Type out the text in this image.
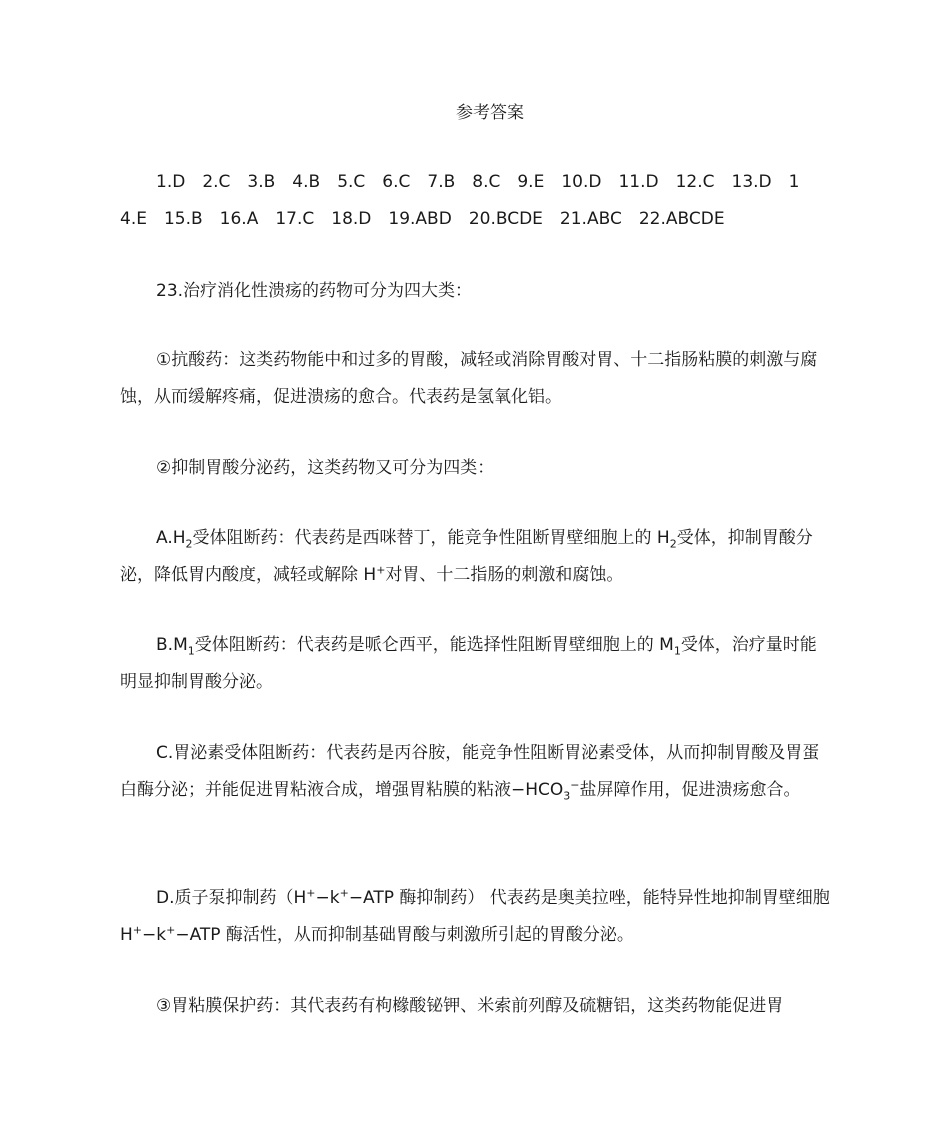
参考答案
1.D 2.C 3.B 4.B 5.C 6.C 7.B 8.C 9.E 10.D 11.D 12.C 13.D 1
4.E 15.B 16.A 17.C 18.D 19.ABD 20.BCDE 21.ABC 22.ABCDE
23.治疗消化性溃疡的药物可分为四大类：
①抗酸药：这类药物能中和过多的胃酸，减轻或消除胃酸对胃、十二指肠粘膜的刺激与腐蚀，从而缓解疼痛，促进溃疡的愈合。代表药是氢氧化铝。
②抑制胃酸分泌药，这类药物又可分为四类：
$A.H_2$受体阻断药：代表药是西咪替丁，能竞争性阻断胃壁细胞上的 $H_2$受体，抑制胃酸分泌，降低胃内酸度，减轻或解除 H+对胃、十二指肠的刺激和腐蚀。
$B.M_1$受体阻断药：代表药是哌仑西平，能选择性阻断胃壁细胞上的 $M_1$受体，治疗量时能明显抑制胃酸分泌。
C.胃泌素受体阻断药：代表药是丙谷胺，能竞争性阻断胃泌素受体，从而抑制胃酸及胃蛋白酶分泌；并能促进胃粘液合成，增强胃粘膜的粘液$-HCO_3^-$盐屏障作用，促进溃疡愈合。
D.质子泵抑制药（H+−k+−ATP 酶抑制药） 代表药是奥美拉唑，能特异性地抑制胃壁细胞 H+−k+−ATP 酶活性，从而抑制基础胃酸与刺激所引起的胃酸分泌。
③胃粘膜保护药：其代表药有枸橼酸铋钾、米索前列醇及硫糖铝，这类药物能促进胃
